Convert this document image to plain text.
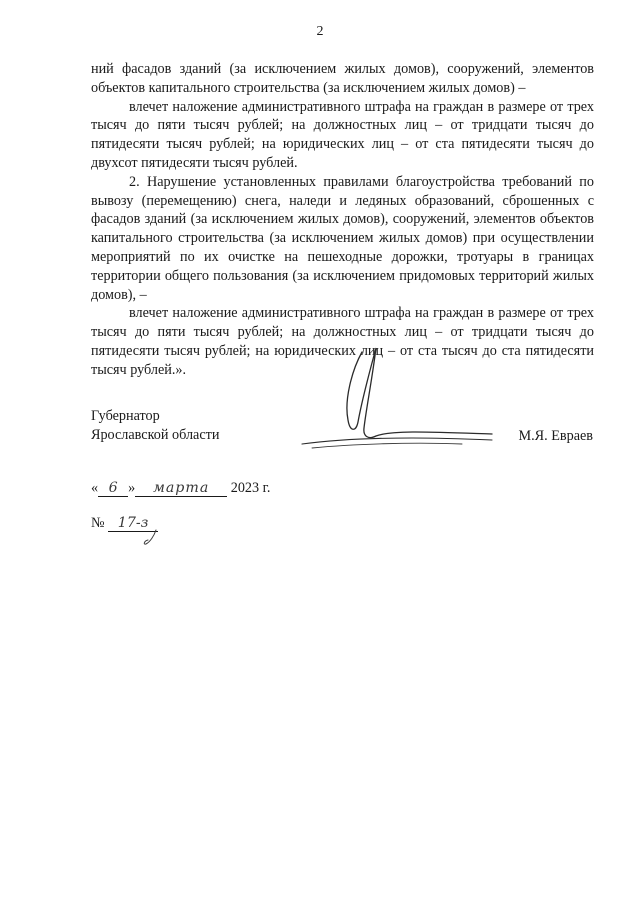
2

ний фасадов зданий (за исключением жилых домов), сооружений, элементов объектов капитального строительства (за исключением жилых домов) –

влечет наложение административного штрафа на граждан в размере от трех тысяч до пяти тысяч рублей; на должностных лиц – от тридцати тысяч до пятидесяти тысяч рублей; на юридических лиц – от ста пятидесяти тысяч до двухсот пятидесяти тысяч рублей.

2. Нарушение установленных правилами благоустройства требований по вывозу (перемещению) снега, наледи и ледяных образований, сброшенных с фасадов зданий (за исключением жилых домов), сооружений, элементов объектов капитального строительства (за исключением жилых домов) при осуществлении мероприятий по их очистке на пешеходные дорожки, тротуары в границах территории общего пользования (за исключением придомовых территорий жилых домов), –

влечет наложение административного штрафа на граждан в размере от трех тысяч до пяти тысяч рублей; на должностных лиц – от тридцати тысяч до пятидесяти тысяч рублей; на юридических лиц – от ста тысяч до ста пятидесяти тысяч рублей.».

Губернатор
Ярославской области	М.Я. Евраев
« 6 » марта 2023 г.
№ 17-з
